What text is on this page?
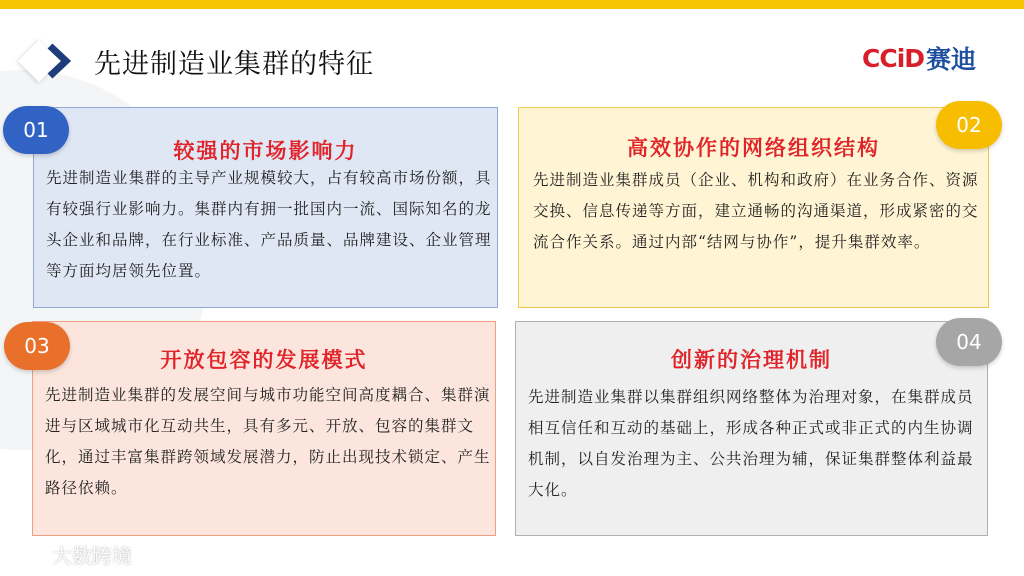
先进制造业集群的特征	CCiD 赛迪
较强的市场影响力
先进制造业集群的主导产业规模较大，占有较高市场份额，具有较强行业影响力。集群内有拥一批国内一流、国际知名的龙头企业和品牌，在行业标准、产品质量、品牌建设、企业管理等方面均居领先位置。
01
高效协作的网络组织结构
先进制造业集群成员（企业、机构和政府）在业务合作、资源交换、信息传递等方面，建立通畅的沟通渠道，形成紧密的交流合作关系。通过内部“结网与协作”，提升集群效率。
02
开放包容的发展模式
先进制造业集群的发展空间与城市功能空间高度耦合、集群演进与区域城市化互动共生，具有多元、开放、包容的集群文化，通过丰富集群跨领域发展潜力，防止出现技术锁定、产生路径依赖。
03
创新的治理机制
先进制造业集群以集群组织网络整体为治理对象，在集群成员相互信任和互动的基础上，形成各种正式或非正式的内生协调机制，以自发治理为主、公共治理为辅，保证集群整体利益最大化。
04
大数跨境
